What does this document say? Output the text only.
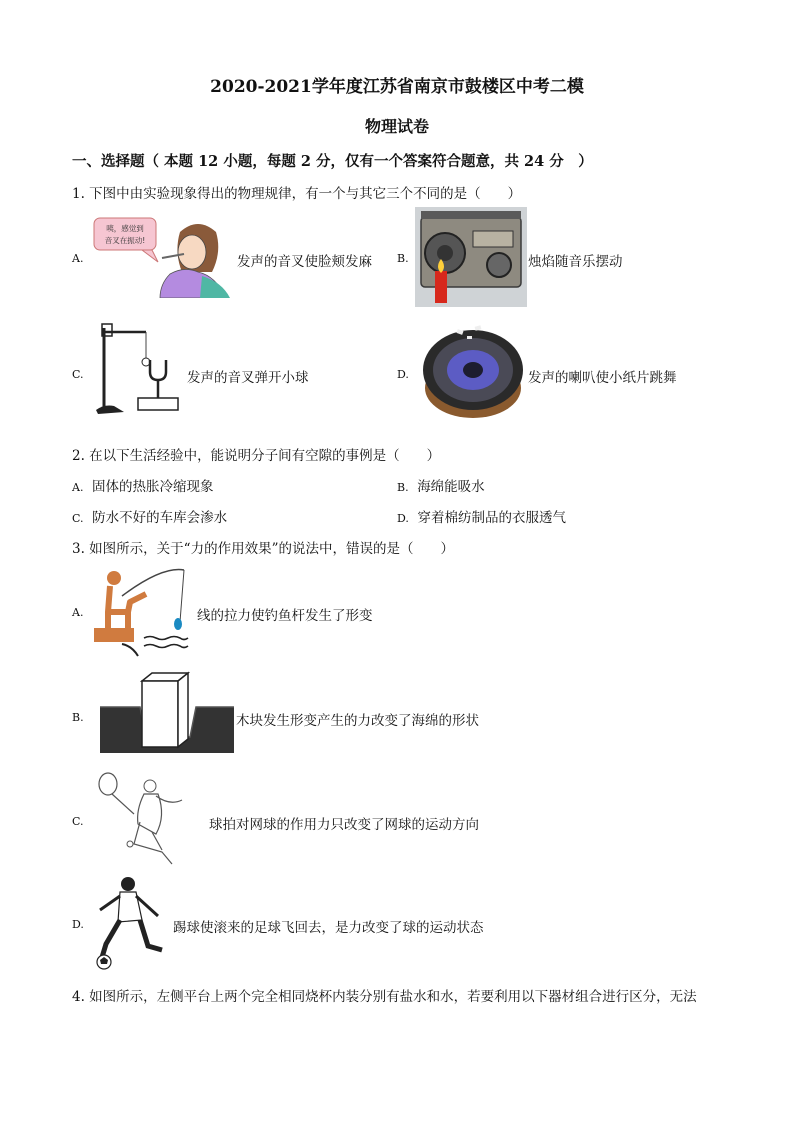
2020-2021学年度江苏省南京市鼓楼区中考二模
物理试卷
一、选择题（ 本题 12 小题，每题 2 分，仅有一个答案符合题意，共 24 分　）
1. 下图中由实验现象得出的物理规律，有一个与其它三个不同的是（　　）
A.
咦，感觉到
音叉在振动!
发声的音叉使脸颊发麻 B.	烛焰随音乐摆动
C.	发声的音叉弹开小球	D.	发声的喇叭使小纸片跳舞
2. 在以下生活经验中，能说明分子间有空隙的事例是（　　）
A. 固体的热胀冷缩现象	B. 海绵能吸水
C. 防水不好的车库会渗水	D. 穿着棉纺制品的衣服透气
3. 如图所示，关于“力的作用效果”的说法中，错误的是（　　）
A.	线的拉力使钓鱼杆发生了形变
B.	木块发生形变产生的力改变了海绵的形状
C.	球拍对网球的作用力只改变了网球的运动方向
D.	踢球使滚来的足球飞回去，是力改变了球的运动状态
4. 如图所示，左侧平台上两个完全相同烧杯内装分别有盐水和水，若要利用以下器材组合进行区分，无法
